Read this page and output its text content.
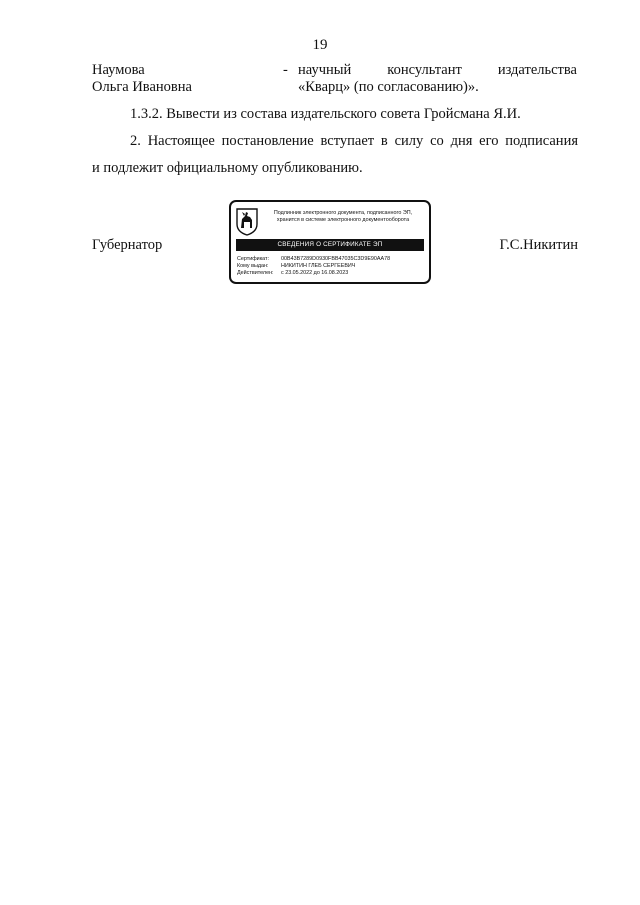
19
Наумова
Ольга Ивановна
- научный консультант издательства
«Кварц» (по согласованию)».
1.3.2. Вывести из состава издательского совета Гройсмана Я.И.
2. Настоящее постановление вступает в силу со дня его подписания
и подлежит официальному опубликованию.
Губернатор	Г.С.Никитин
Подлинник электронного документа, подписанного ЭП,
хранится в системе электронного документооборота
СВЕДЕНИЯ О СЕРТИФИКАТЕ ЭП
Сертификат: 00B43B7289D0930FBB47035C3D9E90AA78
Кому выдан: НИКИТИН ГЛЕБ СЕРГЕЕВИЧ
Действителен: с 23.05.2022 до 16.08.2023
